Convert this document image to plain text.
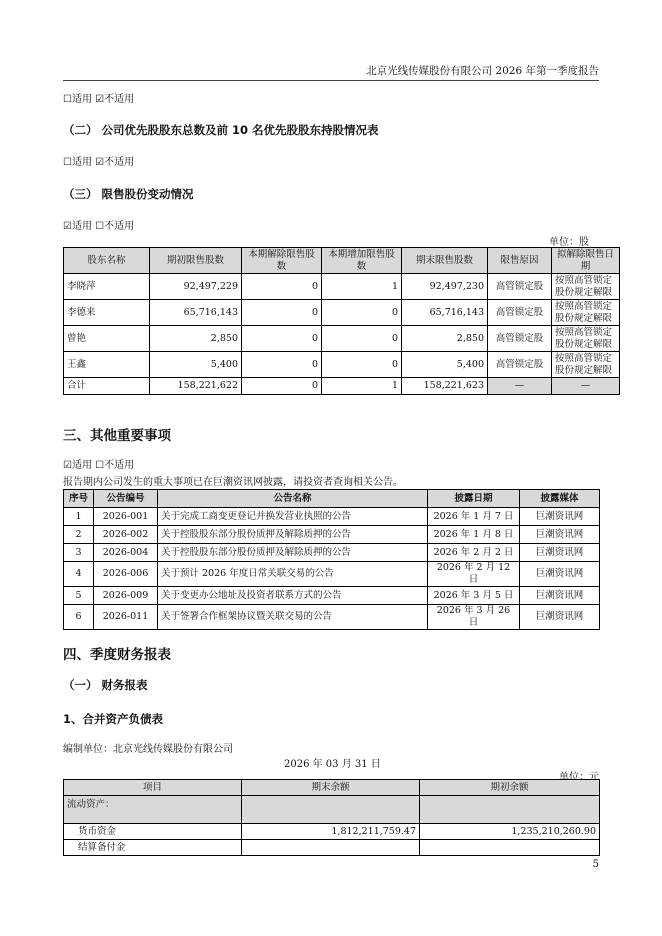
北京光线传媒股份有限公司 2026 年第一季度报告
☐适用 ☑不适用
（二） 公司优先股股东总数及前 10 名优先股股东持股情况表
☐适用 ☑不适用
（三） 限售股份变动情况
☑适用 ☐不适用
单位：股
股东名称	期初限售股数	本期解除限售股数	本期增加限售股数	期末限售股数	限售原因	拟解除限售日期
李晓萍	92,497,229	0	1	92,497,230	高管锁定股	按照高管锁定股份规定解限
李德来	65,716,143	0	0	65,716,143	高管锁定股	按照高管锁定股份规定解限
曾艳	2,850	0	0	2,850	高管锁定股	按照高管锁定股份规定解限
王鑫	5,400	0	0	5,400	高管锁定股	按照高管锁定股份规定解限
合计	158,221,622	0	1	158,221,623	—	—
三、其他重要事项
☑适用 ☐不适用
报告期内公司发生的重大事项已在巨潮资讯网披露，请投资者查询相关公告。
序号	公告编号	公告名称	披露日期	披露媒体
1	2026-001	关于完成工商变更登记并换发营业执照的公告	2026 年 1 月 7 日	巨潮资讯网
2	2026-002	关于控股股东部分股份质押及解除质押的公告	2026 年 1 月 8 日	巨潮资讯网
3	2026-004	关于控股股东部分股份质押及解除质押的公告	2026 年 2 月 2 日	巨潮资讯网
4	2026-006	关于预计 2026 年度日常关联交易的公告	2026 年 2 月 12 日	巨潮资讯网
5	2026-009	关于变更办公地址及投资者联系方式的公告	2026 年 3 月 5 日	巨潮资讯网
6	2026-011	关于签署合作框架协议暨关联交易的公告	2026 年 3 月 26 日	巨潮资讯网
四、季度财务报表
（一） 财务报表
1、合并资产负债表
编制单位：北京光线传媒股份有限公司
2026 年 03 月 31 日
单位：元
项目	期末余额	期初余额
流动资产：		
货币资金	1,812,211,759.47	1,235,210,260.90
结算备付金		
5
